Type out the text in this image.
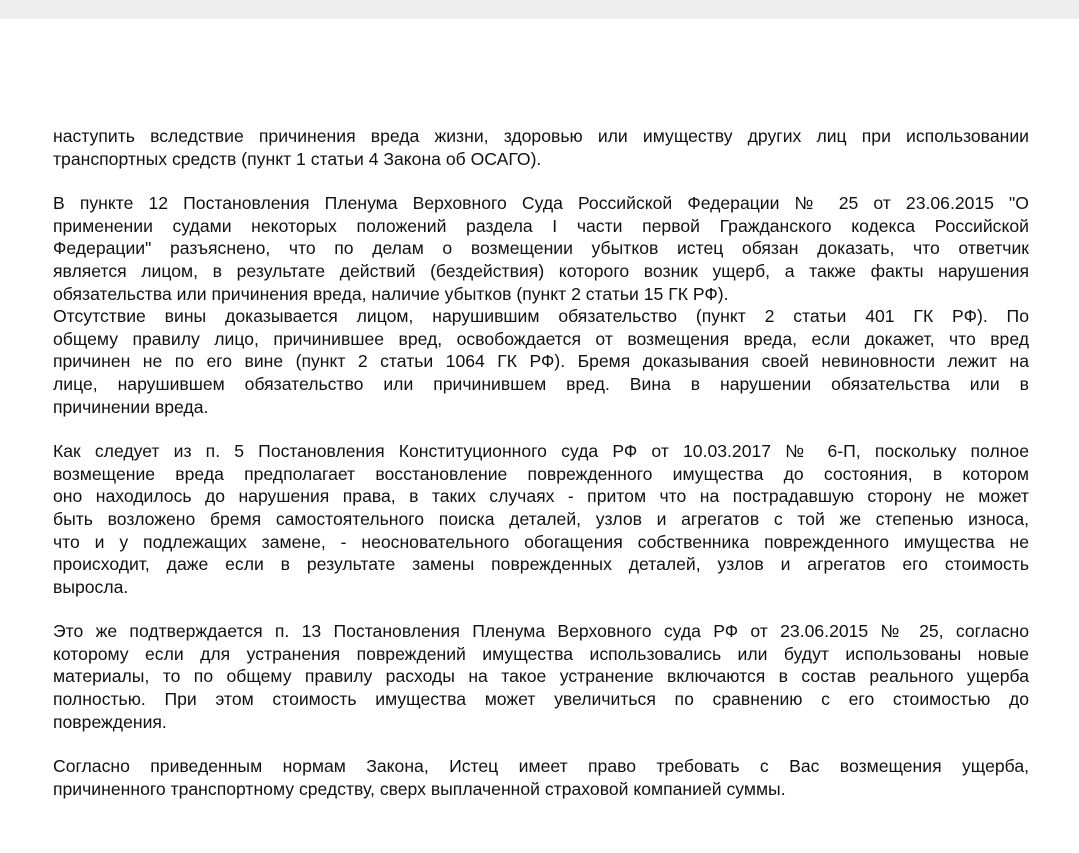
наступить вследствие причинения вреда жизни, здоровью или имуществу других лиц при использовании
транспортных средств (пункт 1 статьи 4 Закона об ОСАГО).

В пункте 12 Постановления Пленума Верховного Суда Российской Федерации № 25 от 23.06.2015 "О
применении судами некоторых положений раздела I части первой Гражданского кодекса Российской
Федерации" разъяснено, что по делам о возмещении убытков истец обязан доказать, что ответчик
является лицом, в результате действий (бездействия) которого возник ущерб, а также факты нарушения
обязательства или причинения вреда, наличие убытков (пункт 2 статьи 15 ГК РФ).

Отсутствие вины доказывается лицом, нарушившим обязательство (пункт 2 статьи 401 ГК РФ). По
общему правилу лицо, причинившее вред, освобождается от возмещения вреда, если докажет, что вред
причинен не по его вине (пункт 2 статьи 1064 ГК РФ). Бремя доказывания своей невиновности лежит на
лице, нарушившем обязательство или причинившем вред. Вина в нарушении обязательства или в
причинении вреда.

Как следует из п. 5 Постановления Конституционного суда РФ от 10.03.2017 № 6-П, поскольку полное
возмещение вреда предполагает восстановление поврежденного имущества до состояния, в котором
оно находилось до нарушения права, в таких случаях - притом что на пострадавшую сторону не может
быть возложено бремя самостоятельного поиска деталей, узлов и агрегатов с той же степенью износа,
что и у подлежащих замене, - неосновательного обогащения собственника поврежденного имущества не
происходит, даже если в результате замены поврежденных деталей, узлов и агрегатов его стоимость
выросла.

Это же подтверждается п. 13 Постановления Пленума Верховного суда РФ от 23.06.2015 № 25, согласно
которому если для устранения повреждений имущества использовались или будут использованы новые
материалы, то по общему правилу расходы на такое устранение включаются в состав реального ущерба
полностью. При этом стоимость имущества может увеличиться по сравнению с его стоимостью до
повреждения.

Согласно приведенным нормам Закона, Истец имеет право требовать с Вас возмещения ущерба,
причиненного транспортному средству, сверх выплаченной страховой компанией суммы.
